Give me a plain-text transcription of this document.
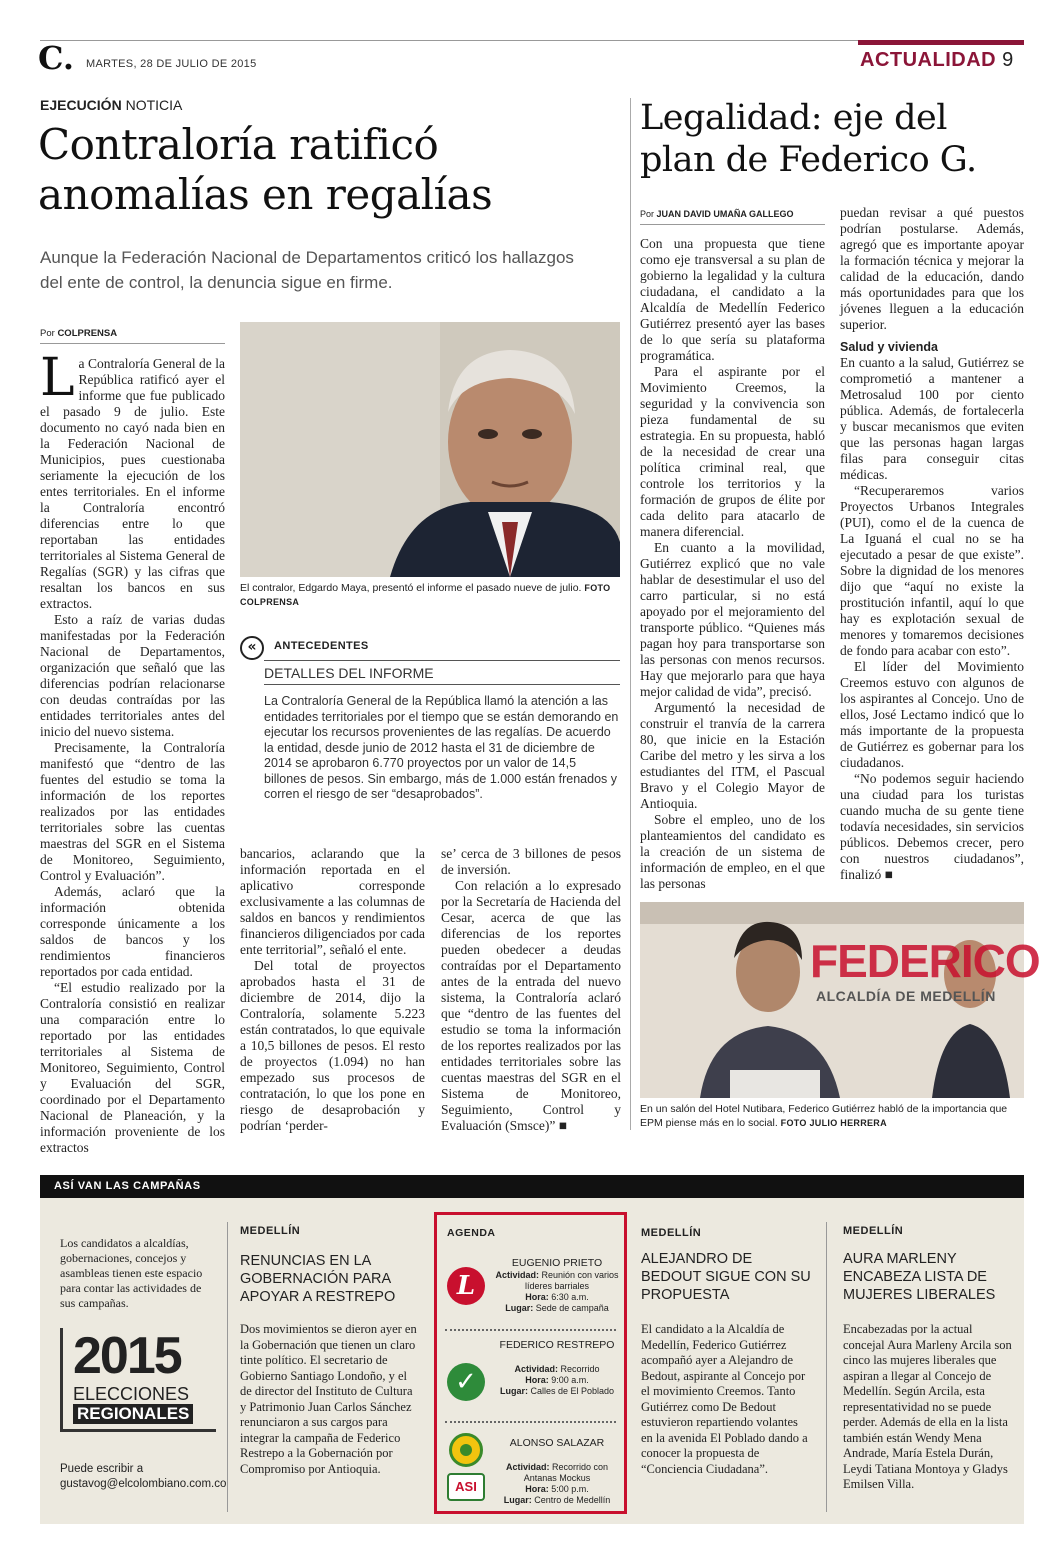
C. MARTES, 28 DE JULIO DE 2015	ACTUALIDAD 9
EJECUCIÓN NOTICIA
Contraloría ratificó
anomalías en regalías
Aunque la Federación Nacional de Departamentos criticó los hallazgos del ente de control, la denuncia sigue en firme.
Por COLPRENSA
L a Contraloría General de la República ratificó ayer el informe que fue publicado el pasado 9 de julio. Este documento no cayó nada bien en la Federación Nacional de Municipios, pues cuestionaba seriamente la ejecución de los entes territoriales. En el informe la Contraloría encontró diferencias entre lo que reportaban las entidades territoriales al Sistema General de Regalías (SGR) y las cifras que resaltan los bancos en sus extractos.

Esto a raíz de varias dudas manifestadas por la Federación Nacional de Departamentos, organización que señaló que las diferencias podrían relacionarse con deudas contraídas por las entidades territoriales antes del inicio del nuevo sistema.

Precisamente, la Contraloría manifestó que “dentro de las fuentes del estudio se toma la información de los reportes realizados por las entidades territoriales sobre las cuentas maestras del SGR en el Sistema de Monitoreo, Seguimiento, Control y Evaluación”.

Además, aclaró que la información obtenida corresponde únicamente a los saldos de bancos y los rendimientos financieros reportados por cada entidad.

“El estudio realizado por la Contraloría consistió en realizar una comparación entre lo reportado por las entidades territoriales al Sistema de Monitoreo, Seguimiento, Control y Evaluación del SGR, coordinado por el Departamento Nacional de Planeación, y la información proveniente de los extractos

El contralor, Edgardo Maya, presentó el informe el pasado nueve de julio. FOTO COLPRENSA
«	ANTECEDENTES
DETALLES DEL INFORME
La Contraloría General de la República llamó la atención a las entidades territoriales por el tiempo que se están demorando en ejecutar los recursos provenientes de las regalías. De acuerdo la entidad, desde junio de 2012 hasta el 31 de diciembre de 2014 se aprobaron 6.770 proyectos por un valor de 14,5 billones de pesos. Sin embargo, más de 1.000 están frenados y corren el riesgo de ser “desaprobados”.

bancarios, aclarando que la información reportada en el aplicativo corresponde exclusivamente a las columnas de saldos en bancos y rendimientos financieros diligenciados por cada ente territorial”, señaló el ente.

Del total de proyectos aprobados hasta el 31 de diciembre de 2014, dijo la Contraloría, solamente 5.223 están contratados, lo que equivale a 10,5 billones de pesos. El resto de proyectos (1.094) no han empezado sus procesos de contratación, lo que los pone en riesgo de desaprobación y podrían ‘perder-

se’ cerca de 3 billones de pesos de inversión.

Con relación a lo expresado por la Secretaría de Hacienda del Cesar, acerca de que las diferencias de los reportes pueden obedecer a deudas contraídas por el Departamento antes de la entrada del nuevo sistema, la Contraloría aclaró que “dentro de las fuentes del estudio se toma la información de los reportes realizados por las entidades territoriales sobre las cuentas maestras del SGR en el Sistema de Monitoreo, Seguimiento, Control y Evaluación (Smsce)” ■

Legalidad: eje del
plan de Federico G.
Por JUAN DAVID UMAÑA GALLEGO

Con una propuesta que tiene como eje transversal a su plan de gobierno la legalidad y la cultura ciudadana, el candidato a la Alcaldía de Medellín Federico Gutiérrez presentó ayer las bases de lo que sería su plataforma programática.

Para el aspirante por el Movimiento Creemos, la seguridad y la convivencia son pieza fundamental de su estrategia. En su propuesta, habló de la necesidad de crear una política criminal real, que controle los territorios y la formación de grupos de élite por cada delito para atacarlo de manera diferencial.

En cuanto a la movilidad, Gutiérrez explicó que no vale hablar de desestimular el uso del carro particular, si no está apoyado por el mejoramiento del transporte público. “Quienes más pagan hoy para transportarse son las personas con menos recursos. Hay que mejorarlo para que haya mejor calidad de vida”, precisó.

Argumentó la necesidad de construir el tranvía de la carrera 80, que inicie en la Estación Caribe del metro y les sirva a los estudiantes del ITM, el Pascual Bravo y el Colegio Mayor de Antioquia.

Sobre el empleo, uno de los planteamientos del candidato es la creación de un sistema de información de empleo, en el que las personas

puedan revisar a qué puestos podrían postularse. Además, agregó que es importante apoyar la formación técnica y mejorar la calidad de la educación, dando más oportunidades para que los jóvenes lleguen a la educación superior.

Salud y vivienda

En cuanto a la salud, Gutiérrez se comprometió a mantener a Metrosalud 100 por ciento pública. Además, de fortalecerla y buscar mecanismos que eviten que las personas hagan largas filas para conseguir citas médicas.

“Recuperaremos varios Proyectos Urbanos Integrales (PUI), como el de la cuenca de La Iguaná el cual no se ha ejecutado a pesar de que existe”. Sobre la dignidad de los menores dijo que “aquí no existe la prostitución infantil, aquí lo que hay es explotación sexual de menores y tomaremos decisiones de fondo para acabar con esto”.

El líder del Movimiento Creemos estuvo con algunos de los aspirantes al Concejo. Uno de ellos, José Lectamo indicó que lo más importante de la propuesta de Gutiérrez es gobernar para los ciudadanos.

“No podemos seguir haciendo una ciudad para los turistas cuando mucha de su gente tiene todavía necesidades, sin servicios públicos. Debemos crecer, pero con nuestros ciudadanos”, finalizó ■

FEDERICO
ALCALDÍA DE MEDELLÍN
En un salón del Hotel Nutibara, Federico Gutiérrez habló de la importancia que EPM piense más en lo social. FOTO JULIO HERRERA
ASÍ VAN LAS CAMPAÑAS
Los candidatos a alcaldías, gobernaciones, concejos y asambleas tienen este espacio para contar las actividades de sus campañas.
2015
ELECCIONES
REGIONALES
Puede escribir a
gustavog@elcolombiano.com.co
MEDELLÍN
RENUNCIAS EN LA GOBERNACIÓN PARA APOYAR A RESTREPO
Dos movimientos se dieron ayer en la Gobernación que tienen un claro tinte político. El secretario de Gobierno Santiago Londoño, y el de director del Instituto de Cultura y Patrimonio Juan Carlos Sánchez renunciaron a sus cargos para integrar la campaña de Federico Restrepo a la Gobernación por Compromiso por Antioquia.
AGENDA
L
EUGENIO PRIETO
Actividad: Reunión con varios líderes barriales
Hora: 6:30 a.m.
Lugar: Sede de campaña
✓
FEDERICO RESTREPO
Actividad: Recorrido
Hora: 9:00 a.m.
Lugar: Calles de El Poblado
ASI
ALONSO SALAZAR
Actividad: Recorrido con Antanas Mockus
Hora: 5:00 p.m.
Lugar: Centro de Medellín
MEDELLÍN
ALEJANDRO DE BEDOUT SIGUE CON SU PROPUESTA
El candidato a la Alcaldía de Medellín, Federico Gutiérrez acompañó ayer a Alejandro de Bedout, aspirante al Concejo por el movimiento Creemos. Tanto Gutiérrez como De Bedout estuvieron repartiendo volantes en la avenida El Poblado dando a conocer la propuesta de “Conciencia Ciudadana”.
MEDELLÍN
AURA MARLENY ENCABEZA LISTA DE MUJERES LIBERALES
Encabezadas por la actual concejal Aura Marleny Arcila son cinco las mujeres liberales que aspiran a llegar al Concejo de Medellín. Según Arcila, esta representatividad no se puede perder. Además de ella en la lista también están Wendy Mena Andrade, María Estela Durán, Leydi Tatiana Montoya y Gladys Emilsen Villa.
